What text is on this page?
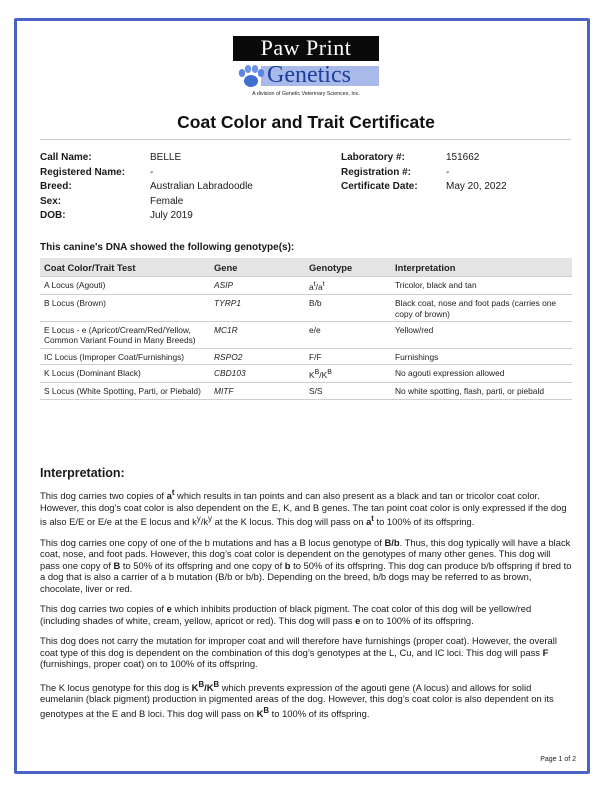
Paw Print
Genetics
A division of Genetic Veterinary Sciences, Inc.
Coat Color and Trait Certificate
Call Name:	BELLE
Registered Name:	-
Breed:	Australian Labradoodle
Sex:	Female
DOB:	July 2019
Laboratory #:	151662
Registration #:	-
Certificate Date:	May 20, 2022
This canine's DNA showed the following genotype(s):
Coat Color/Trait Test	Gene	Genotype	Interpretation
A Locus (Agouti)	ASIP	$a^t/a^t$	Tricolor, black and tan
B Locus (Brown)	TYRP1	B/b	Black coat, nose and foot pads (carries one copy of brown)
E Locus - e (Apricot/Cream/Red/Yellow, Common Variant Found in Many Breeds)	MC1R	e/e	Yellow/red
IC Locus (Improper Coat/Furnishings)	RSPO2	F/F	Furnishings
K Locus (Dominant Black)	CBD103	$K^B/K^B$	No agouti expression allowed
S Locus (White Spotting, Parti, or Piebald)	MITF	S/S	No white spotting, flash, parti, or piebald
Interpretation:

This dog carries two copies of $a^t$ which results in tan points and can also present as a black and tan or tricolor coat color. However, this dog’s coat color is also dependent on the E, K, and B genes. The tan point coat color is only expressed if the dog is also E/E or E/e at the E locus and $k^y/k^y$ at the K locus. This dog will pass on $a^t$ to 100% of its offspring.

This dog carries one copy of one of the b mutations and has a B locus genotype of B/b. Thus, this dog typically will have a black coat, nose, and foot pads. However, this dog’s coat color is dependent on the genotypes of many other genes. This dog will pass one copy of B to 50% of its offspring and one copy of b to 50% of its offspring. This dog can produce b/b offspring if bred to a dog that is also a carrier of a b mutation (B/b or b/b). Depending on the breed, b/b dogs may be referred to as brown, chocolate, liver or red.

This dog carries two copies of e which inhibits production of black pigment. The coat color of this dog will be yellow/red (including shades of white, cream, yellow, apricot or red). This dog will pass e on to 100% of its offspring.

This dog does not carry the mutation for improper coat and will therefore have furnishings (proper coat). However, the overall coat type of this dog is dependent on the combination of this dog’s genotypes at the L, Cu, and IC loci. This dog will pass F (furnishings, proper coat) on to 100% of its offspring.

The K locus genotype for this dog is $K^B/K^B$ which prevents expression of the agouti gene (A locus) and allows for solid eumelanin (black pigment) production in pigmented areas of the dog. However, this dog’s coat color is also dependent on its genotypes at the E and B loci. This dog will pass on $K^B$ to 100% of its offspring.

Page 1 of 2
